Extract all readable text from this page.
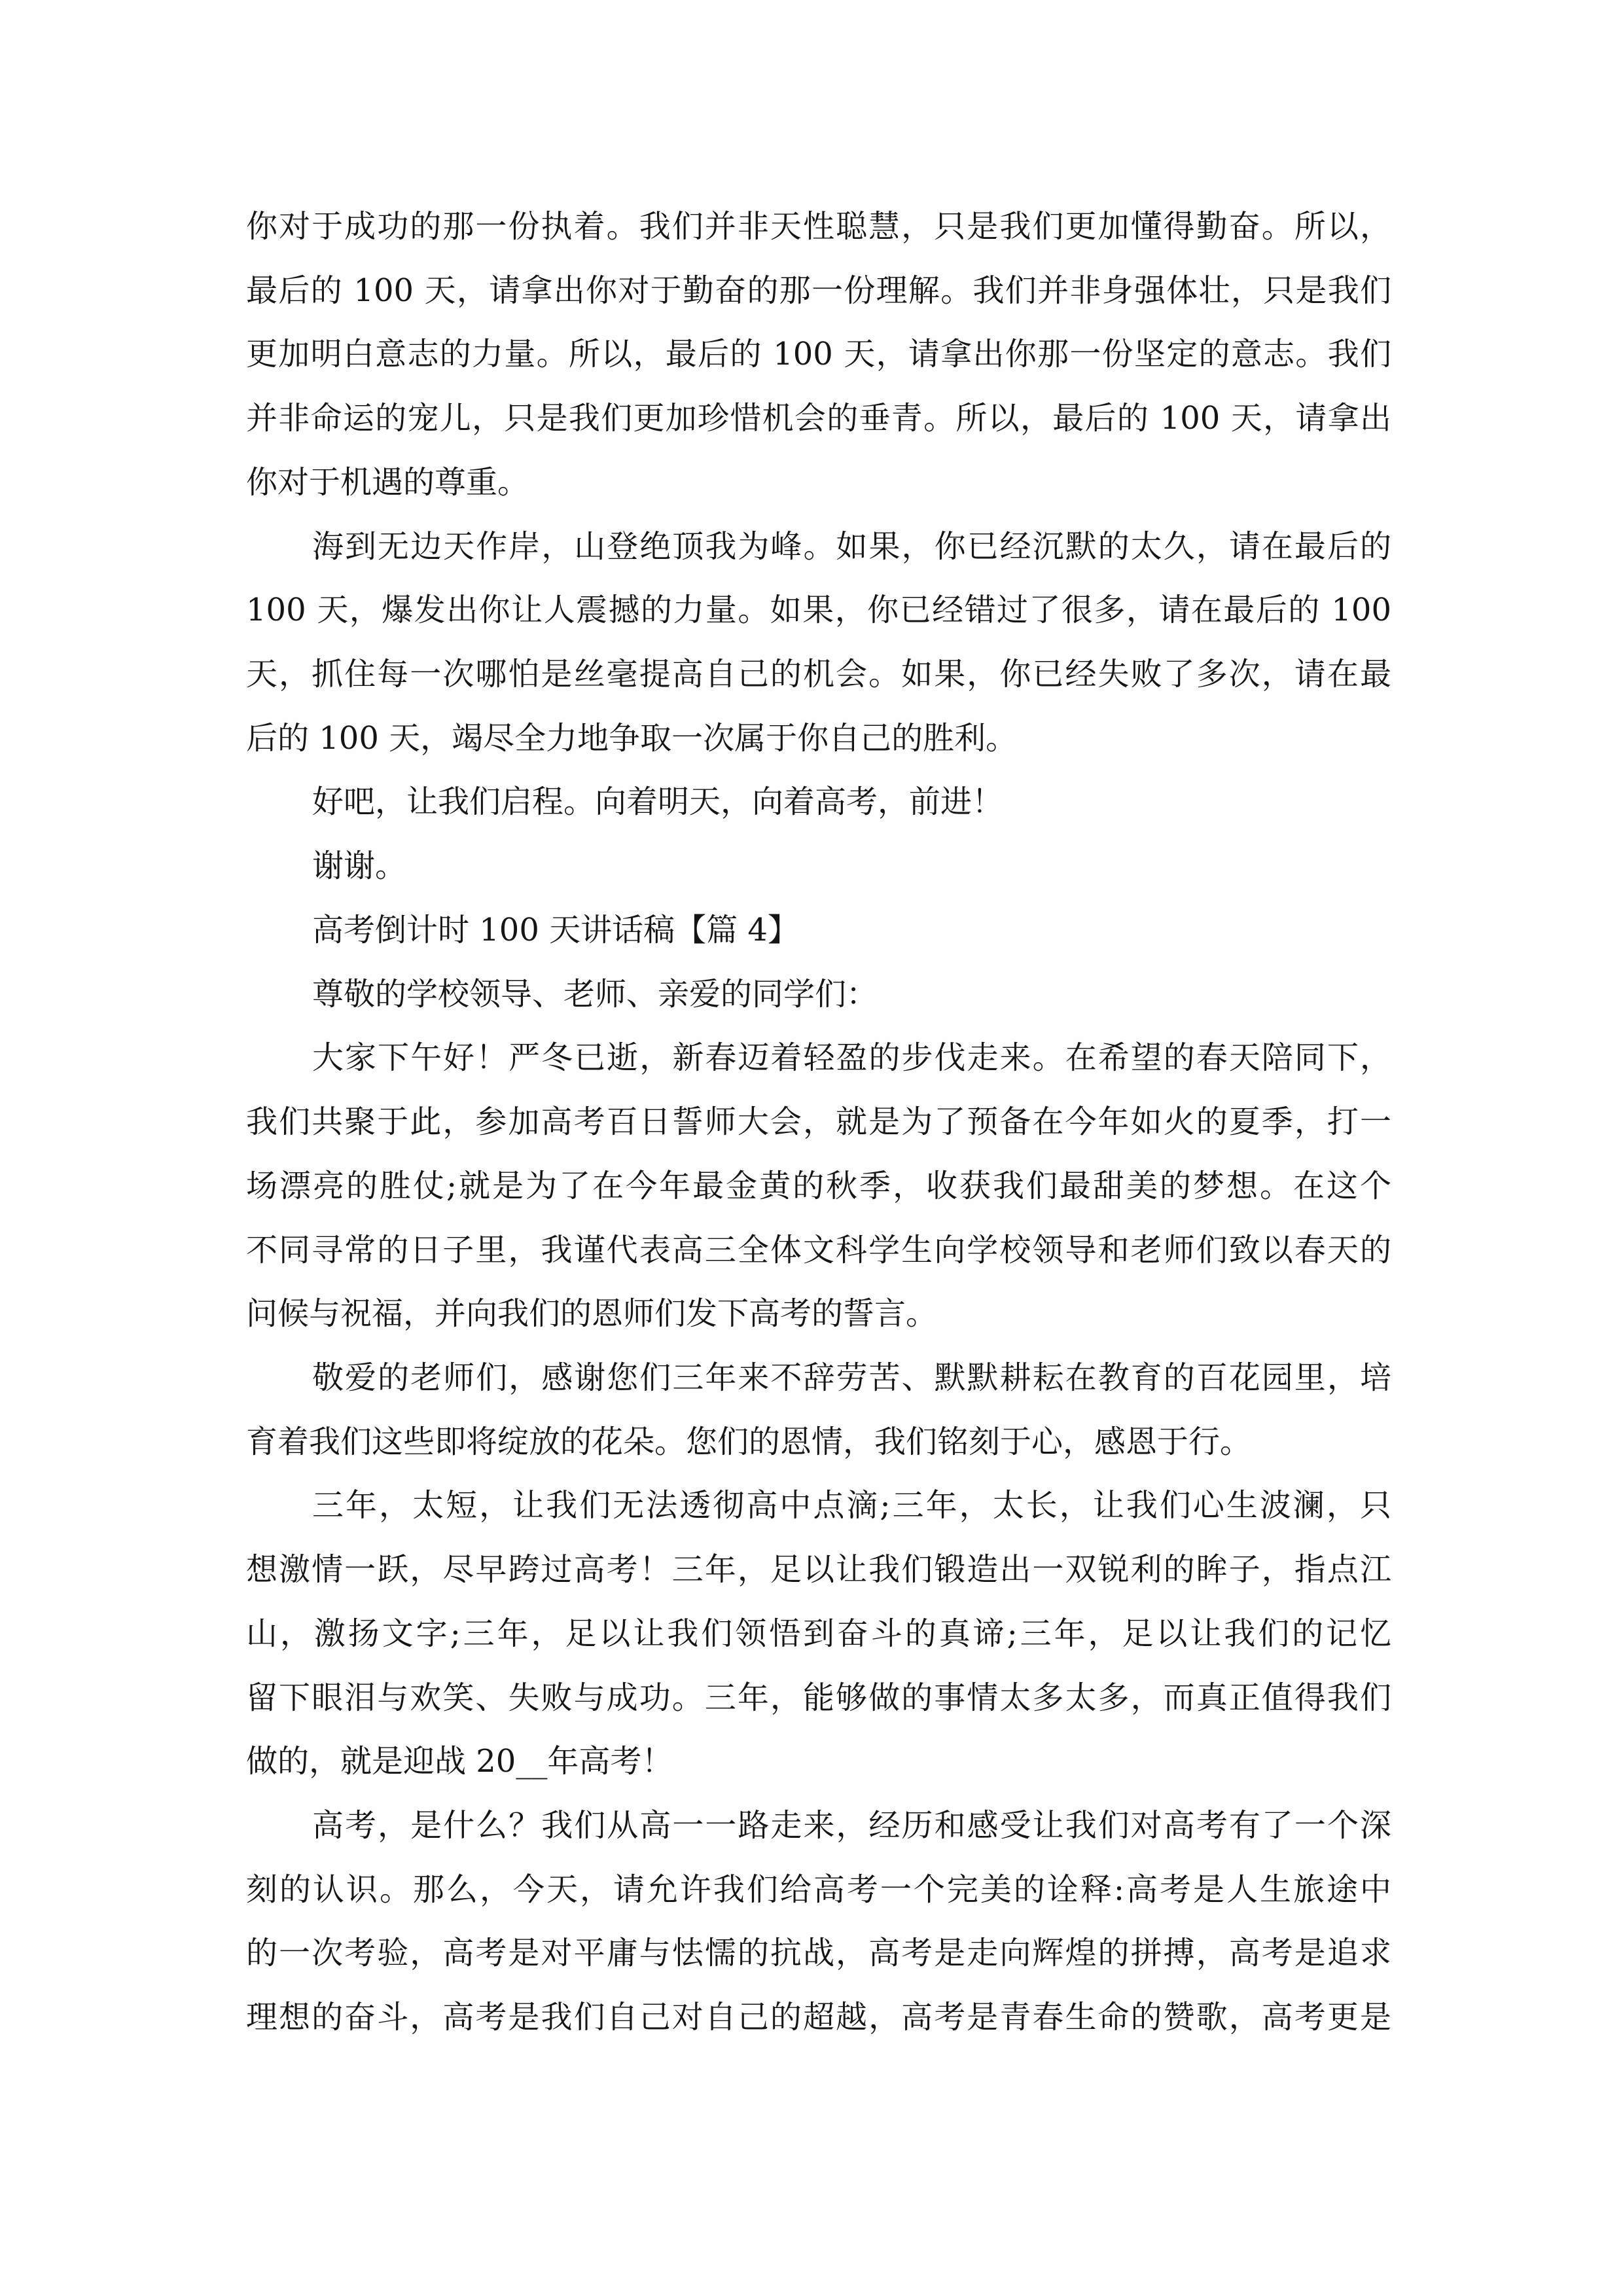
你对于成功的那一份执着。我们并非天性聪慧，只是我们更加懂得勤奋。所以，
最后的 100 天，请拿出你对于勤奋的那一份理解。我们并非身强体壮，只是我们
更加明白意志的力量。所以，最后的 100 天，请拿出你那一份坚定的意志。我们
并非命运的宠儿，只是我们更加珍惜机会的垂青。所以，最后的 100 天，请拿出
你对于机遇的尊重。
海到无边天作岸，山登绝顶我为峰。如果，你已经沉默的太久，请在最后的
100 天，爆发出你让人震撼的力量。如果，你已经错过了很多，请在最后的 100
天，抓住每一次哪怕是丝毫提高自己的机会。如果，你已经失败了多次，请在最
后的 100 天，竭尽全力地争取一次属于你自己的胜利。
好吧，让我们启程。向着明天，向着高考，前进！
谢谢。
高考倒计时 100 天讲话稿【篇 4】
尊敬的学校领导、老师、亲爱的同学们：
大家下午好！严冬已逝，新春迈着轻盈的步伐走来。在希望的春天陪同下，
我们共聚于此，参加高考百日誓师大会，就是为了预备在今年如火的夏季，打一
场漂亮的胜仗;就是为了在今年最金黄的秋季，收获我们最甜美的梦想。在这个
不同寻常的日子里，我谨代表高三全体文科学生向学校领导和老师们致以春天的
问候与祝福，并向我们的恩师们发下高考的誓言。
敬爱的老师们，感谢您们三年来不辞劳苦、默默耕耘在教育的百花园里，培
育着我们这些即将绽放的花朵。您们的恩情，我们铭刻于心，感恩于行。
三年，太短，让我们无法透彻高中点滴;三年，太长，让我们心生波澜，只
想激情一跃，尽早跨过高考！三年，足以让我们锻造出一双锐利的眸子，指点江
山，激扬文字;三年，足以让我们领悟到奋斗的真谛;三年，足以让我们的记忆
留下眼泪与欢笑、失败与成功。三年，能够做的事情太多太多，而真正值得我们
做的，就是迎战 20__年高考！
高考，是什么？我们从高一一路走来，经历和感受让我们对高考有了一个深
刻的认识。那么，今天，请允许我们给高考一个完美的诠释:高考是人生旅途中
的一次考验，高考是对平庸与怯懦的抗战，高考是走向辉煌的拼搏，高考是追求
理想的奋斗，高考是我们自己对自己的超越，高考是青春生命的赞歌，高考更是
